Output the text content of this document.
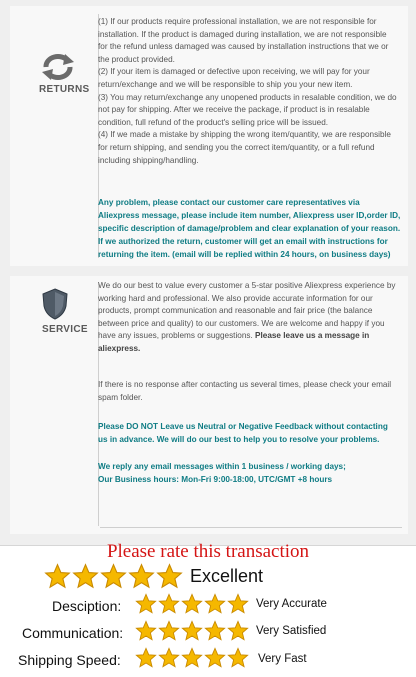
RETURNS

(1) If our products require professional installation, we are not responsible for installation. If the product is damaged during installation, we are not responsible for the refund unless damaged was caused by installation instructions that we or the product provided.

(2) If your item is damaged or defective upon receiving, we will pay for your return/exchange and we will be responsible to ship you your new item.

(3) You may return/exchange any unopened products in resalable condition, we do not pay for shipping. After we receive the package, if product is in resalable condition, full refund of the product's selling price will be issued.

(4) If we made a mistake by shipping the wrong item/quantity, we are responsible for return shipping, and sending you the correct item/quantity, or a full refund including shipping/handling.

Any problem, please contact our customer care representatives via Aliexpress message, please include item number, Aliexpress user ID,order ID, specific description of damage/problem and clear explanation of your reason. If we authorized the return, customer will get an email with instructions for returning the item. (email will be replied within 24 hours, on business days)
SERVICE

We do our best to value every customer a 5-star positive Aliexpress experience by working hard and professional. We also provide accurate information for our products, prompt communication and reasonable and fair price (the balance between price and quality) to our customers. We are welcome and happy if you have any issues, problems or suggestions. Please leave us a message in aliexpress.

If there is no response after contacting us several times, please check your email spam folder.
Please DO NOT Leave us Neutral or Negative Feedback without contacting us in advance. We will do our best to help you to resolve your problems.
We reply any email messages within 1 business / working days;
Our Business hours: Mon-Fri 9:00-18:00, UTC/GMT +8 hours
Please rate this transaction
Excellent
Desciption:	Very Accurate
Communication:	Very Satisfied
Shipping Speed:	Very Fast
